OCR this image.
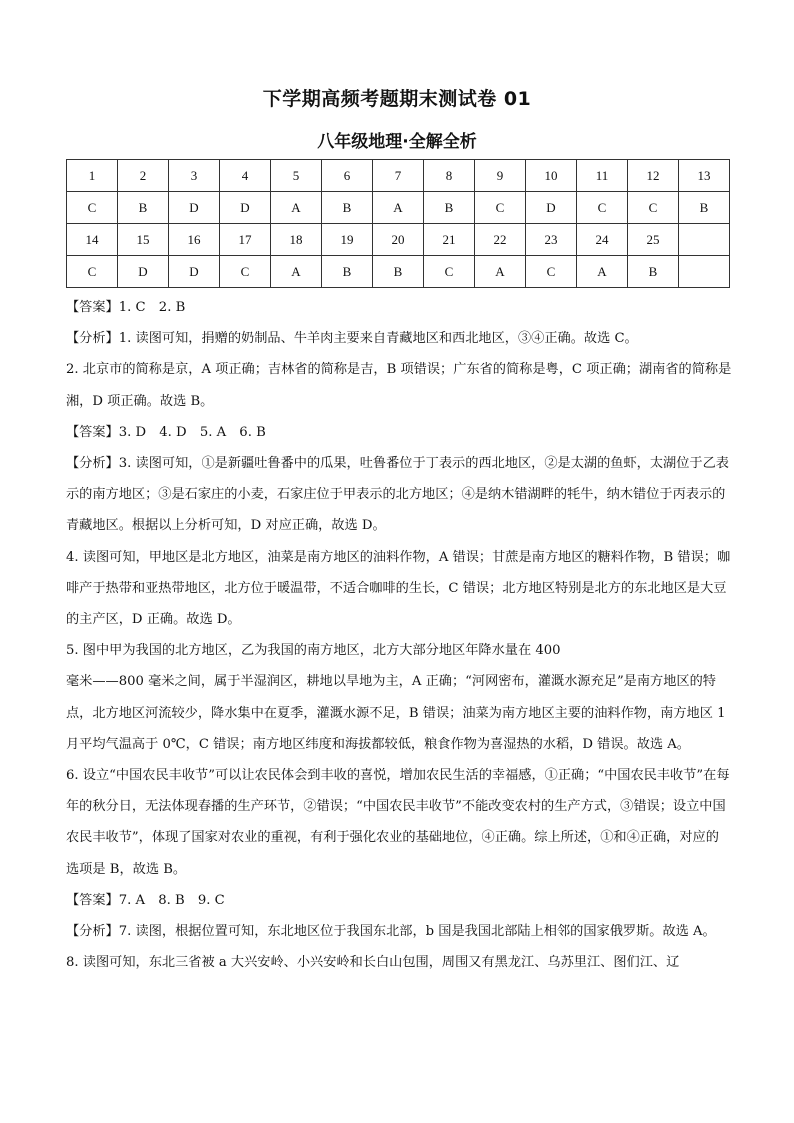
下学期高频考题期末测试卷 01
八年级地理·全解全析
1	2	3	4	5	6	7	8	9	10	11	12	13
C	B	D	D	A	B	A	B	C	D	C	C	B
14	15	16	17	18	19	20	21	22	23	24	25	
C	D	D	C	A	B	B	C	A	C	A	B	

【答案】1. C　2. B

【分析】1. 读图可知，捐赠的奶制品、牛羊肉主要来自青藏地区和西北地区，③④正确。故选 C。

2. 北京市的简称是京，A 项正确；吉林省的简称是吉，B 项错误；广东省的简称是粤，C 项正确；湖南省的简称是湘，D 项正确。故选 B。

【答案】3. D　4. D　5. A　6. B

【分析】3. 读图可知，①是新疆吐鲁番中的瓜果，吐鲁番位于丁表示的西北地区，②是太湖的鱼虾，太湖位于乙表示的南方地区；③是石家庄的小麦，石家庄位于甲表示的北方地区；④是纳木错湖畔的牦牛，纳木错位于丙表示的青藏地区。根据以上分析可知，D 对应正确，故选 D。

4. 读图可知，甲地区是北方地区，油菜是南方地区的油料作物，A 错误；甘蔗是南方地区的糖料作物，B 错误；咖啡产于热带和亚热带地区，北方位于暖温带，不适合咖啡的生长，C 错误；北方地区特别是北方的东北地区是大豆的主产区，D 正确。故选 D。

5. 图中甲为我国的北方地区，乙为我国的南方地区，北方大部分地区年降水量在 400

毫米——800 毫米之间，属于半湿润区，耕地以旱地为主，A 正确；“河网密布，灌溉水源充足”是南方地区的特点，北方地区河流较少，降水集中在夏季，灌溉水源不足，B 错误；油菜为南方地区主要的油料作物，南方地区 1 月平均气温高于 0℃，C 错误；南方地区纬度和海拔都较低，粮食作物为喜湿热的水稻，D 错误。故选 A。

6. 设立“中国农民丰收节”可以让农民体会到丰收的喜悦，增加农民生活的幸福感，①正确；“中国农民丰收节”在每年的秋分日，无法体现春播的生产环节，②错误；“中国农民丰收节”不能改变农村的生产方式，③错误；设立中国农民丰收节”，体现了国家对农业的重视，有利于强化农业的基础地位，④正确。综上所述，①和④正确，对应的选项是 B，故选 B。

【答案】7. A　8. B　9. C

【分析】7. 读图，根据位置可知，东北地区位于我国东北部，b 国是我国北部陆上相邻的国家俄罗斯。故选 A。

8. 读图可知，东北三省被 a 大兴安岭、小兴安岭和长白山包围，周围又有黑龙江、乌苏里江、图们江、辽
